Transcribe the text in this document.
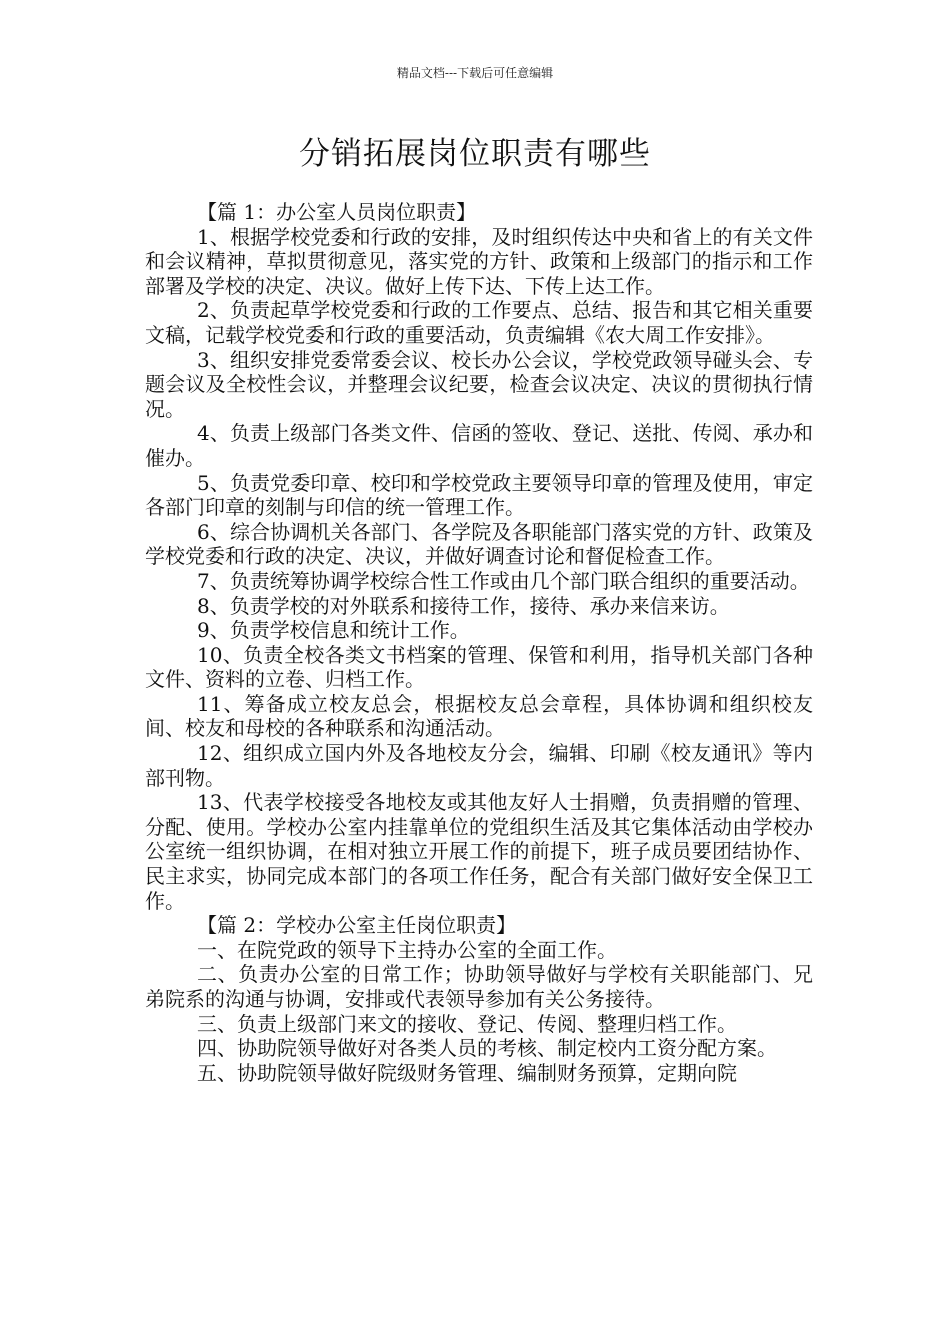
精品文档---下载后可任意编辑
分销拓展岗位职责有哪些

【篇 1：办公室人员岗位职责】

1、根据学校党委和行政的安排，及时组织传达中央和省上的有关文件和会议精神，草拟贯彻意见，落实党的方针、政策和上级部门的指示和工作部署及学校的决定、决议。做好上传下达、下传上达工作。

2、负责起草学校党委和行政的工作要点、总结、报告和其它相关重要文稿，记载学校党委和行政的重要活动，负责编辑《农大周工作安排》。

3、组织安排党委常委会议、校长办公会议，学校党政领导碰头会、专题会议及全校性会议，并整理会议纪要，检查会议决定、决议的贯彻执行情况。

4、负责上级部门各类文件、信函的签收、登记、送批、传阅、承办和催办。

5、负责党委印章、校印和学校党政主要领导印章的管理及使用，审定各部门印章的刻制与印信的统一管理工作。

6、综合协调机关各部门、各学院及各职能部门落实党的方针、政策及学校党委和行政的决定、决议，并做好调查讨论和督促检查工作。

7、负责统筹协调学校综合性工作或由几个部门联合组织的重要活动。

8、负责学校的对外联系和接待工作，接待、承办来信来访。

9、负责学校信息和统计工作。

10、负责全校各类文书档案的管理、保管和利用，指导机关部门各种文件、资料的立卷、归档工作。

11、筹备成立校友总会，根据校友总会章程，具体协调和组织校友间、校友和母校的各种联系和沟通活动。

12、组织成立国内外及各地校友分会，编辑、印刷《校友通讯》等内部刊物。

13、代表学校接受各地校友或其他友好人士捐赠，负责捐赠的管理、分配、使用。学校办公室内挂靠单位的党组织生活及其它集体活动由学校办公室统一组织协调，在相对独立开展工作的前提下，班子成员要团结协作、民主求实，协同完成本部门的各项工作任务，配合有关部门做好安全保卫工作。

【篇 2：学校办公室主任岗位职责】

一、在院党政的领导下主持办公室的全面工作。

二、负责办公室的日常工作；协助领导做好与学校有关职能部门、兄弟院系的沟通与协调，安排或代表领导参加有关公务接待。

三、负责上级部门来文的接收、登记、传阅、整理归档工作。

四、协助院领导做好对各类人员的考核、制定校内工资分配方案。

五、协助院领导做好院级财务管理、编制财务预算，定期向院
